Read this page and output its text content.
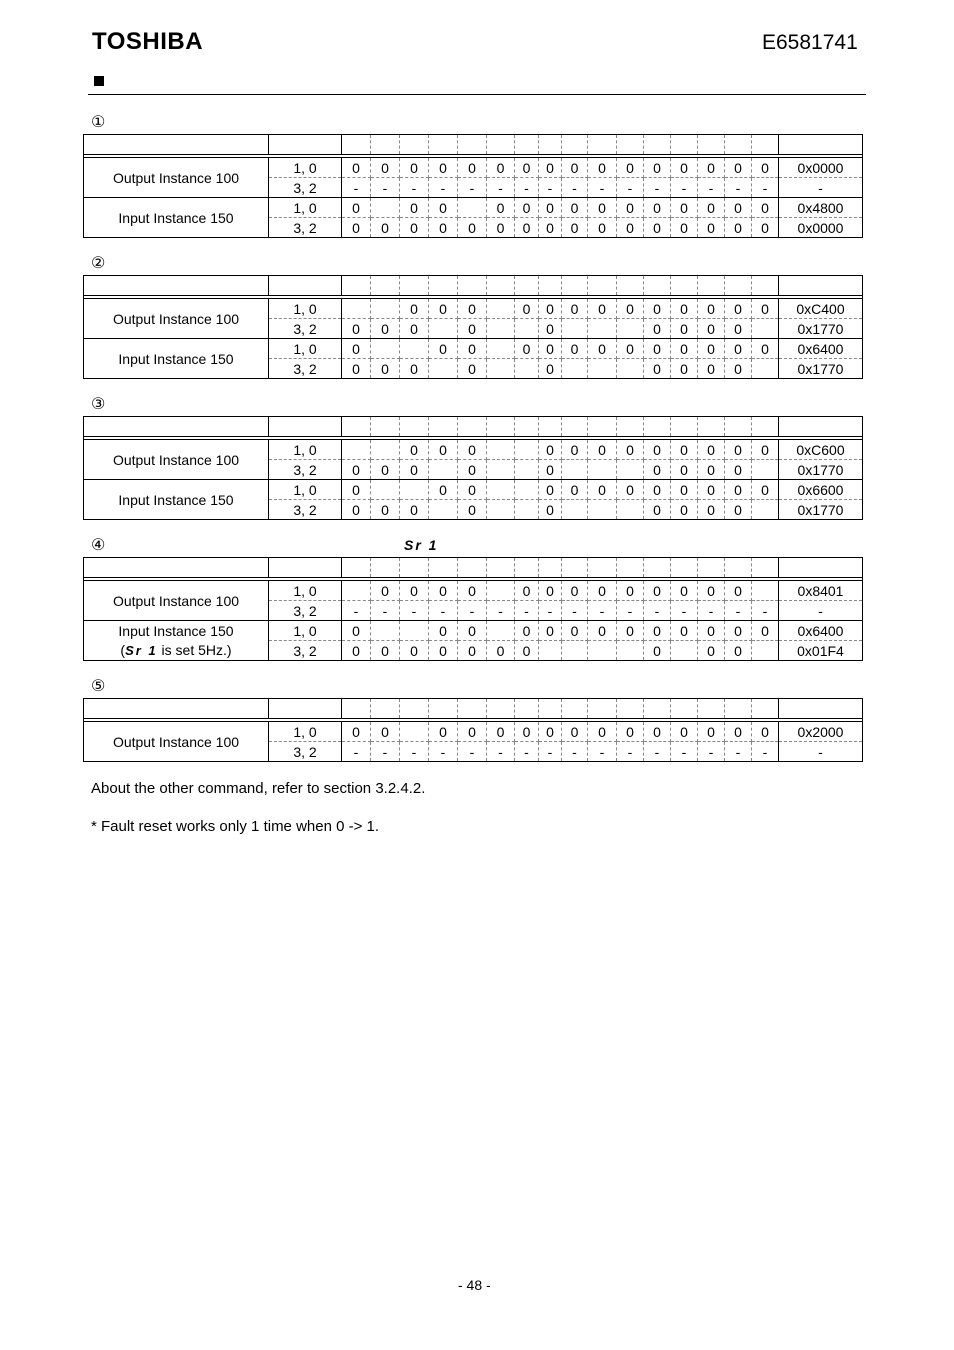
TOSHIBA	E6581741
①
②
③
④	Sr 1
⑤

Output Instance 100	1, 0	0	0	0	0	0	0	0	0	0	0	0	0	0	0	0	0	0x0000
	3, 2	-	-	-	-	-	-	-	-	-	-	-	-	-	-	-	-	-
Input Instance 150	1, 0	0		0	0		0	0	0	0	0	0	0	0	0	0	0	0x4800
	3, 2	0	0	0	0	0	0	0	0	0	0	0	0	0	0	0	0	0x0000

Output Instance 100	1, 0			0	0	0		0	0	0	0	0	0	0	0	0	0	0xC400
	3, 2	0	0	0		0			0				0	0	0	0		0x1770
Input Instance 150	1, 0	0			0	0		0	0	0	0	0	0	0	0	0	0	0x6400
	3, 2	0	0	0		0			0				0	0	0	0		0x1770

Output Instance 100	1, 0			0	0	0			0	0	0	0	0	0	0	0	0	0xC600
	3, 2	0	0	0		0			0				0	0	0	0		0x1770
Input Instance 150	1, 0	0			0	0			0	0	0	0	0	0	0	0	0	0x6600
	3, 2	0	0	0		0			0				0	0	0	0		0x1770

Output Instance 100	1, 0		0	0	0	0		0	0	0	0	0	0	0	0	0		0x8401
	3, 2	-	-	-	-	-	-	-	-	-	-	-	-	-	-	-	-	-

Input Instance 150
(Sr 1 is set 5Hz.)	1, 0	0			0	0		0	0	0	0	0	0	0	0	0	0	0x6400
	3, 2	0	0	0	0	0	0	0					0		0	0		0x01F4

Output Instance 100	1, 0	0	0		0	0	0	0	0	0	0	0	0	0	0	0	0	0x2000
	3, 2	-	-	-	-	-	-	-	-	-	-	-	-	-	-	-	-	-
About the other command, refer to section 3.2.4.2.
* Fault reset works only 1 time when 0 -> 1.
- 48 -
